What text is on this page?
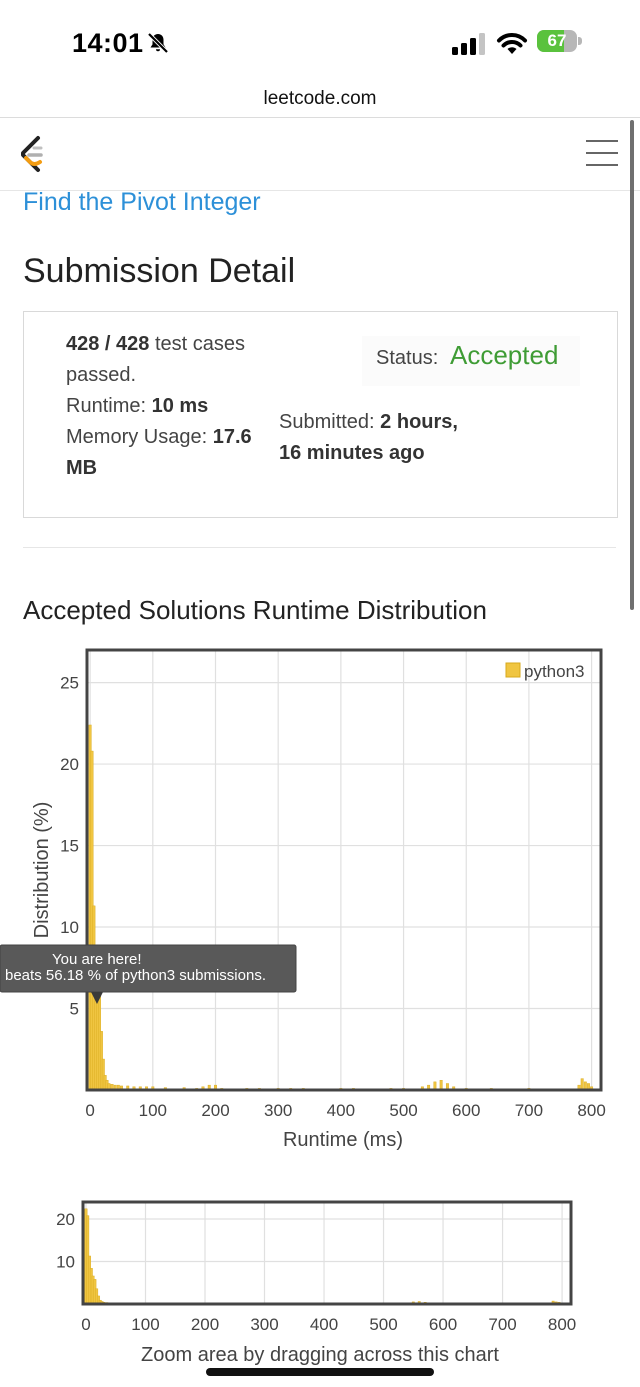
14:01	67
leetcode.com
Find the Pivot Integer
Submission Detail
428 / 428 test cases
passed.
Runtime: 10 ms
Memory Usage: 17.6
MB
Status: Accepted
Submitted: 2 hours,
16 minutes ago
Accepted Solutions Runtime Distribution
5
10
15
20
25
0	100 200 300 400 500 600 700 800
Distribution (%)
Runtime (ms)
python3
You are here!
beats 56.18 % of python3 submissions.
10
20
0 100 200 300 400 500 600 700 800
Zoom area by dragging across this chart
